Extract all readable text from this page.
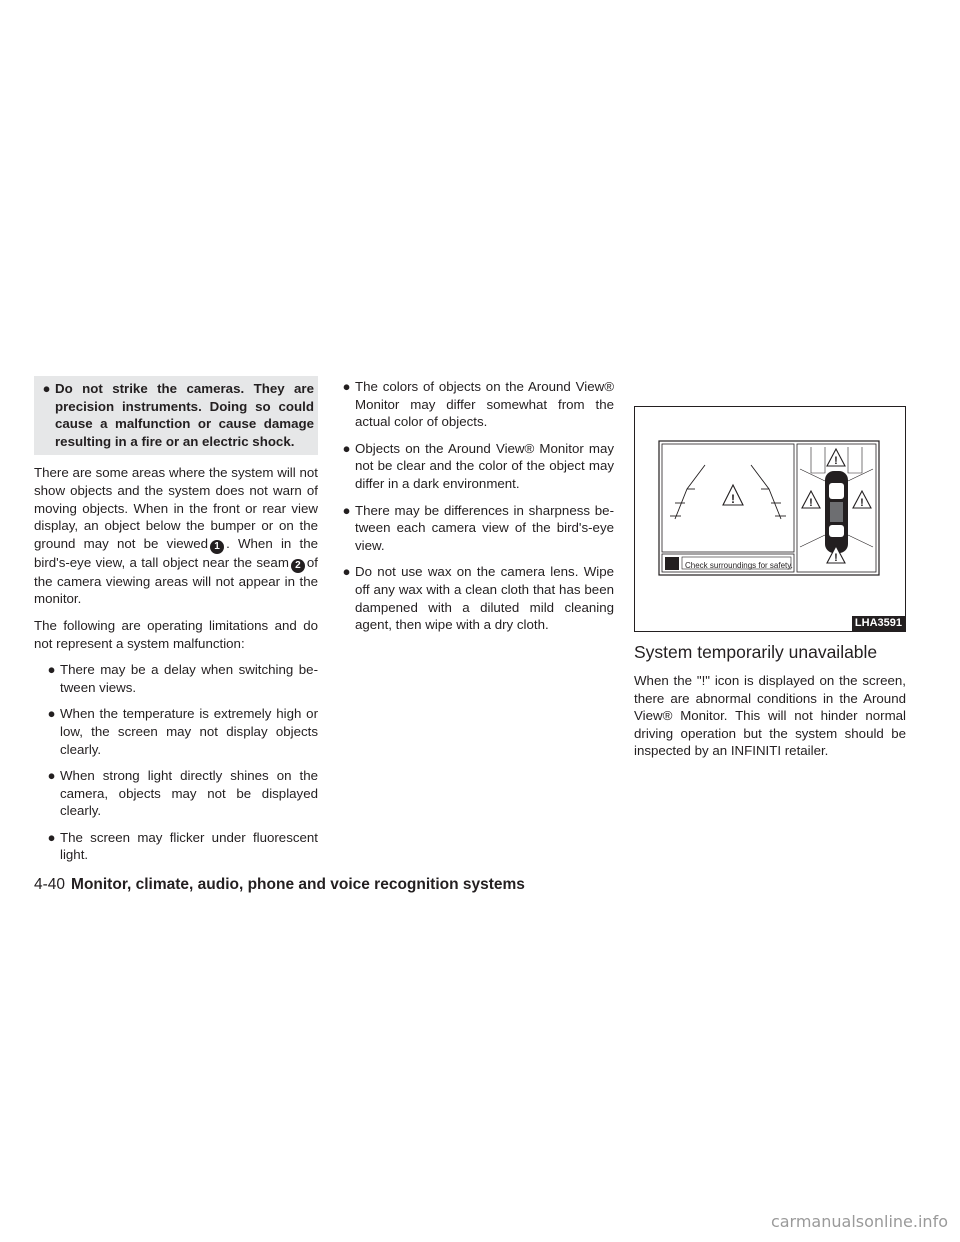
● Do not strike the cameras. They are precision instruments. Doing so could cause a malfunction or cause damage resulting in a fire or an electric shock.

There are some areas where the system will not show objects and the system does not warn of moving objects. When in the front or rear view display, an object below the bumper or on the ground may not be viewed 1 . When in the bird's-eye view, a tall object near the seam 2 of the camera viewing areas will not appear in the monitor.

The following are operating limitations and do not represent a system malfunction:

● There may be a delay when switching be- tween views.
● When the temperature is extremely high or low, the screen may not display objects clearly.
● When strong light directly shines on the camera, objects may not be displayed clearly.
● The screen may flicker under fluorescent light.
● The colors of objects on the Around View® Monitor may differ somewhat from the actual color of objects.
● Objects on the Around View® Monitor may not be clear and the color of the object may differ in a dark environment.
● There may be differences in sharpness be- tween each camera view of the bird's-eye view.
● Do not use wax on the camera lens. Wipe off any wax with a clean cloth that has been dampened with a diluted mild cleaning agent, then wipe with a dry cloth.
!
!
!	!
!
Check surroundings for safety.
LHA3591
System temporarily unavailable

When the "!" icon is displayed on the screen, there are abnormal conditions in the Around View® Monitor. This will not hinder normal driving operation but the system should be inspected by an INFINITI retailer.

4-40 Monitor, climate, audio, phone and voice recognition systems
carmanualsonline.info
